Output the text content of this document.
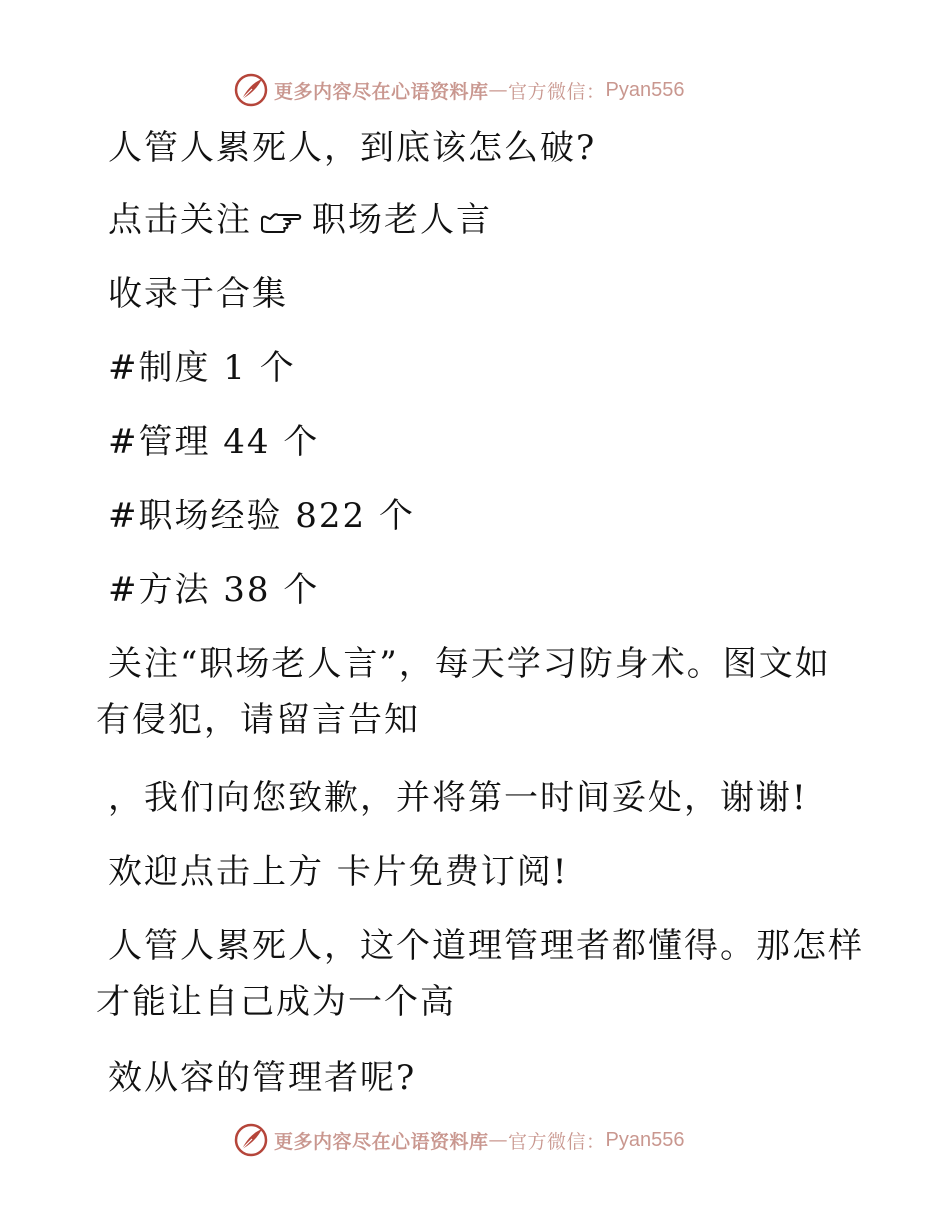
更多内容尽在心语资料库 — 官方微信： Pyan556
人管人累死人，到底该怎么破?
点击关注 职场老人言
收录于合集
#制度 1 个
#管理 44 个
#职场经验 822 个
#方法 38 个
关注“职场老人言”，每天学习防身术。图文如
有侵犯，请留言告知
，我们向您致歉，并将第一时间妥处，谢谢!
欢迎点击上方 卡片免费订阅!
人管人累死人，这个道理管理者都懂得。那怎样
才能让自己成为一个高
效从容的管理者呢?
更多内容尽在心语资料库 — 官方微信： Pyan556
